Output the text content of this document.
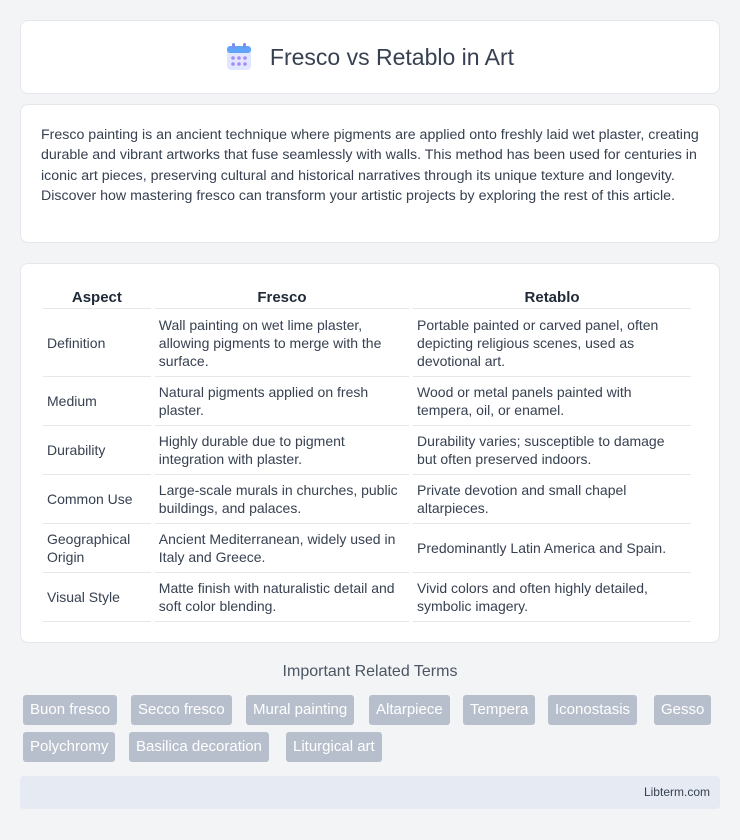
Fresco vs Retablo in Art

Fresco painting is an ancient technique where pigments are applied onto freshly laid wet plaster, creating durable and vibrant artworks that fuse seamlessly with walls. This method has been used for centuries in iconic art pieces, preserving cultural and historical narratives through its unique texture and longevity. Discover how mastering fresco can transform your artistic projects by exploring the rest of this article.

Aspect	Fresco	Retablo
Definition	Wall painting on wet lime plaster, allowing pigments to merge with the surface.	Portable painted or carved panel, often depicting religious scenes, used as devotional art.
Medium	Natural pigments applied on fresh plaster.	Wood or metal panels painted with tempera, oil, or enamel.
Durability	Highly durable due to pigment integration with plaster.	Durability varies; susceptible to damage but often preserved indoors.
Common Use	Large-scale murals in churches, public buildings, and palaces.	Private devotion and small chapel altarpieces.
Geographical Origin	Ancient Mediterranean, widely used in Italy and Greece.	Predominantly Latin America and Spain.
Visual Style	Matte finish with naturalistic detail and soft color blending.	Vivid colors and often highly detailed, symbolic imagery.
Important Related Terms
Buon fresco	Secco fresco	Mural painting	Altarpiece	Tempera	Iconostasis	Gesso
Polychromy	Basilica decoration	Liturgical art
Libterm.com
